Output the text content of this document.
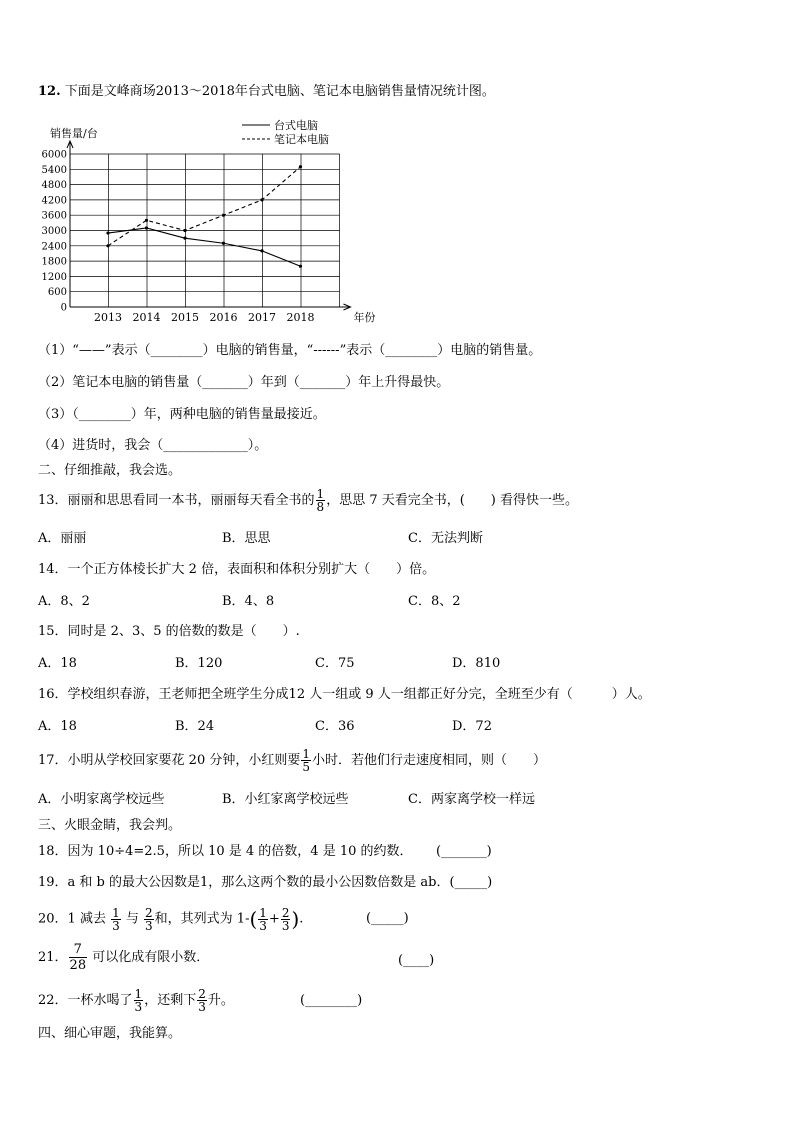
12. 下面是文峰商场2013～2018年台式电脑、笔记本电脑销售量情况统计图。
0
600
1200
1800
2400
3000
3600
4200
4800
5400
6000
2013 2014 2015 2016 2017 2018
销售量/台
年份
台式电脑
笔记本电脑
（1）“——”表示（________）电脑的销售量，“------”表示（________）电脑的销售量。
（2）笔记本电脑的销售量（_______）年到（_______）年上升得最快。
（3）（________）年，两种电脑的销售量最接近。
（4）进货时，我会（_____________）。
二、仔细推敲，我会选。
13．丽丽和思思看同一本书，丽丽每天看全书的 $\frac{1}{8}$ ，思思 7 天看完全书，(　　) 看得快一些。
A．丽丽	B．思思	C．无法判断
14．一个正方体棱长扩大 2 倍，表面积和体积分别扩大（　　）倍。
A．8、2	B．4、8	C．8、2
15．同时是 2、3、5 的倍数的数是（　　）.
A．18	B．120	C．75	D．810
16．学校组织春游，王老师把全班学生分成12 人一组或 9 人一组都正好分完，全班至少有（　　　）人。
A．18	B．24	C．36	D．72
17．小明从学校回家要花 20 分钟，小红则要 $\frac{1}{5}$ 小时．若他们行走速度相同，则（　　）
A．小明家离学校远些	B．小红家离学校远些	C．两家离学校一样远
三、火眼金睛，我会判。
18．因为 10÷4=2.5，所以 10 是 4 的倍数，4 是 10 的约数． (_______)
19．a 和 b 的最大公因数是1，那么这两个数的最小公因数倍数是 ab．(_____)
20．1 减去 $\frac{1}{3}$ 与 $\frac{2}{3}$ 和，其列式为 $1-( \frac{1}{3} + \frac{2}{3}$ ).	(_____)
21． $\frac{7}{28}$ 可以化成有限小数．	(____)
22．一杯水喝了 $\frac{1}{3}$ ，还剩下 $\frac{2}{3}$ 升。	(________)
四、细心审题，我能算。
